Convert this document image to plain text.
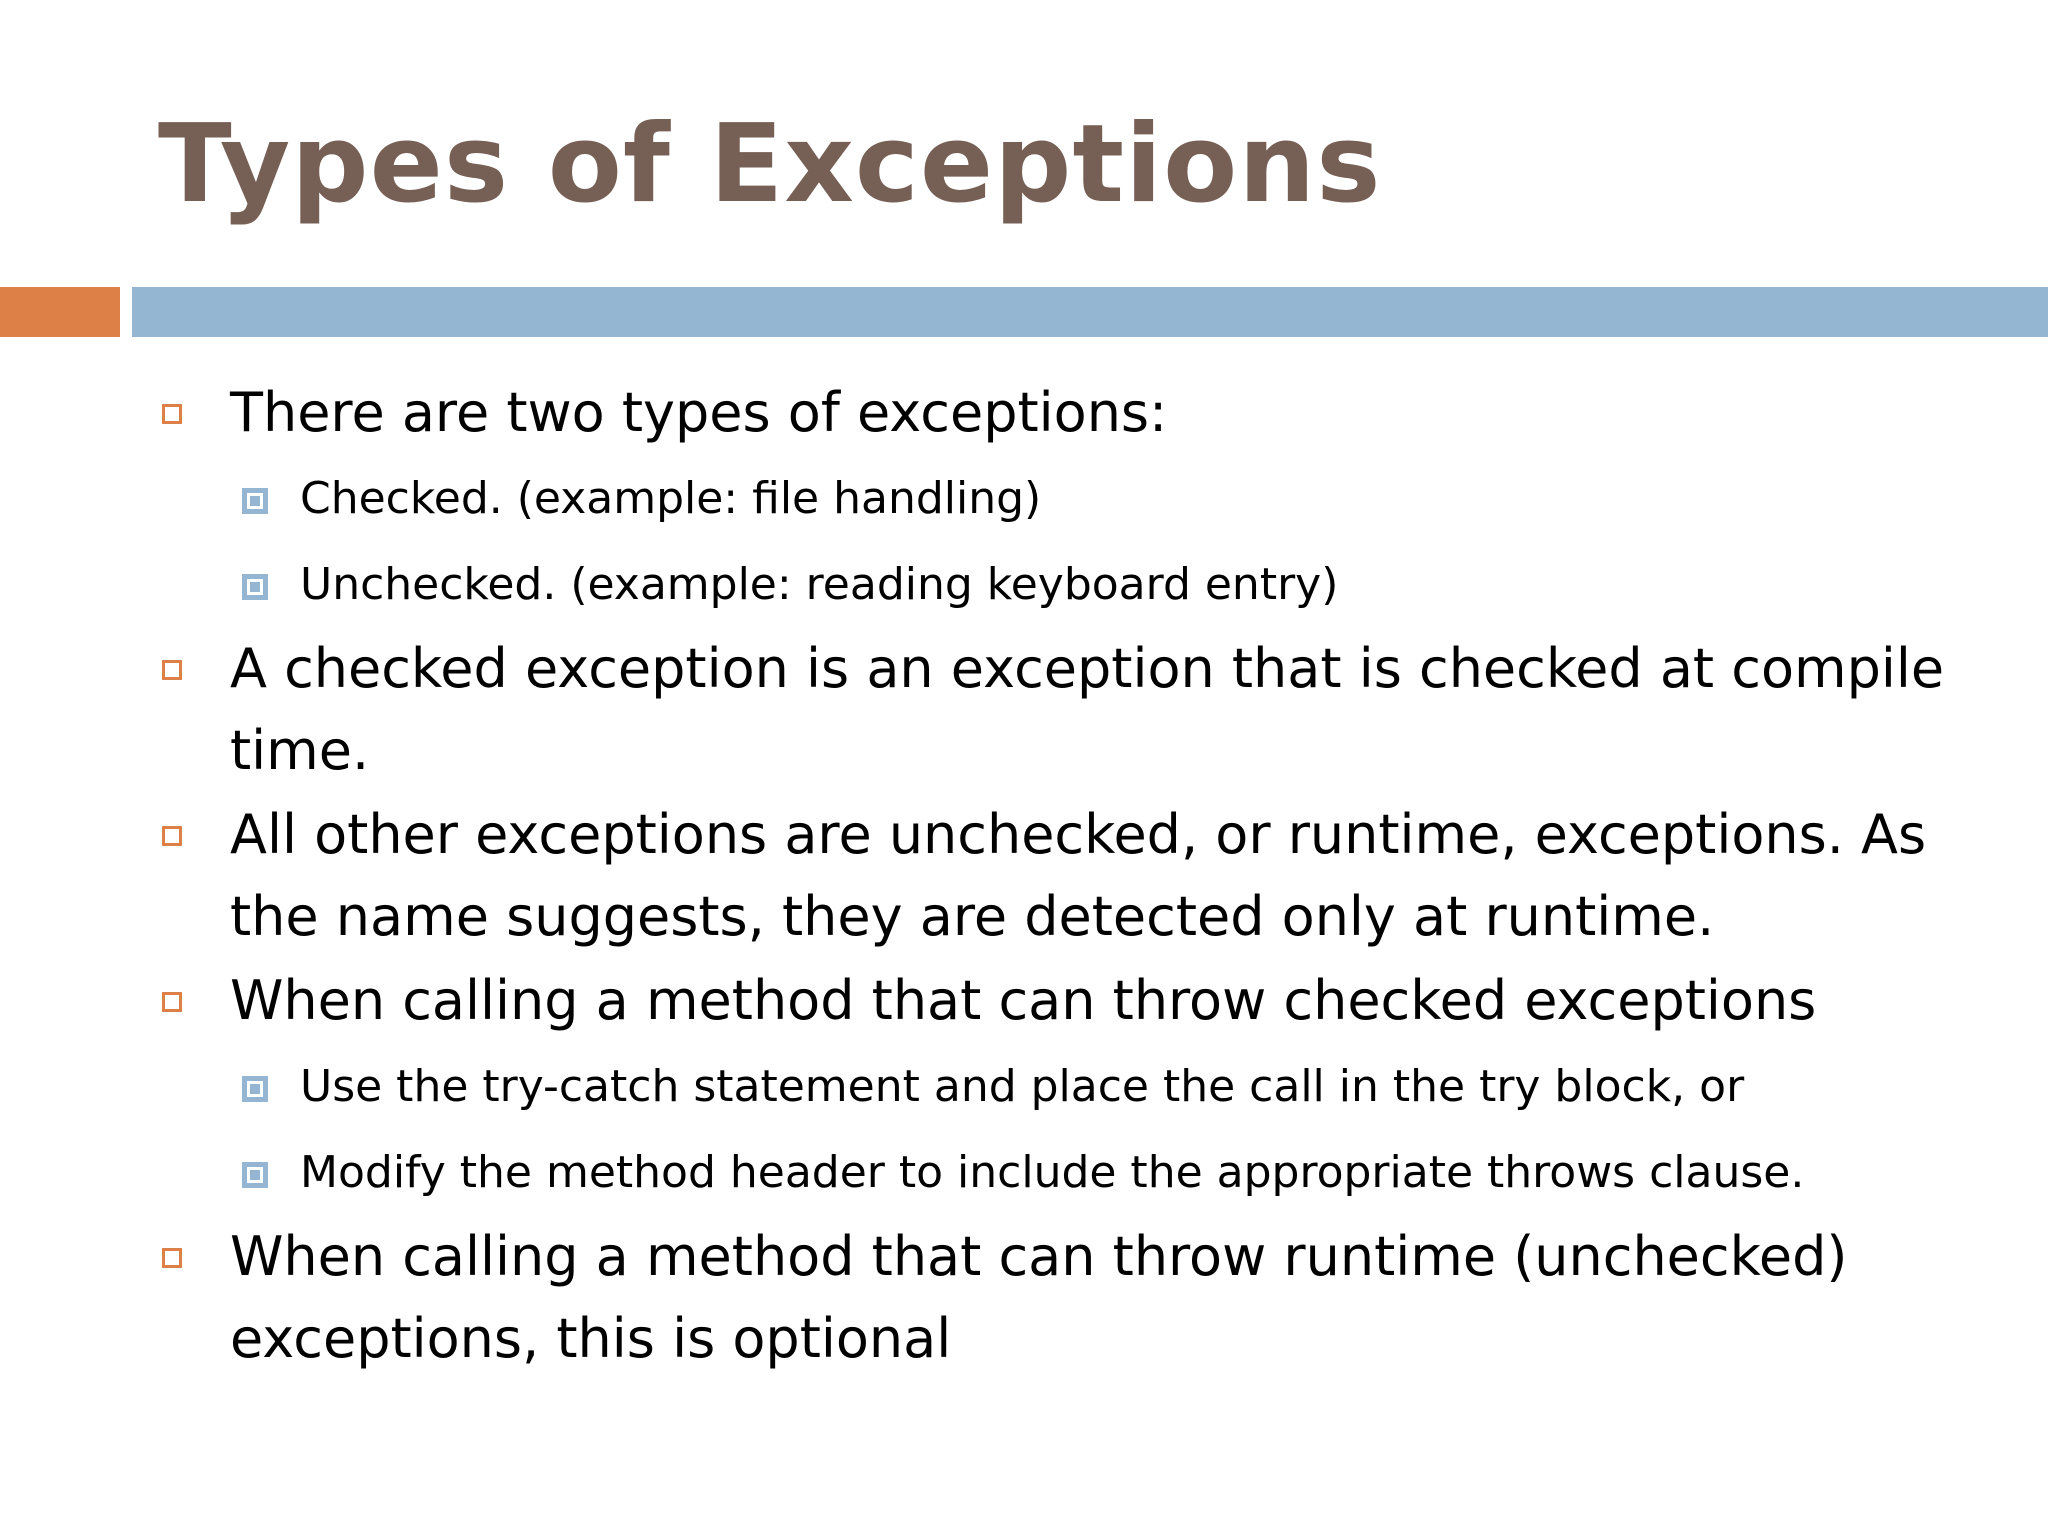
Types of Exceptions
There are two types of exceptions:
Checked. (example: file handling)
Unchecked. (example: reading keyboard entry)
A checked exception is an exception that is checked at compile time.
All other exceptions are unchecked, or runtime, exceptions. As the name suggests, they are detected only at runtime.
When calling a method that can throw checked exceptions
Use the try-catch statement and place the call in the try block, or
Modify the method header to include the appropriate throws clause.
When calling a method that can throw runtime (unchecked) exceptions, this is optional
